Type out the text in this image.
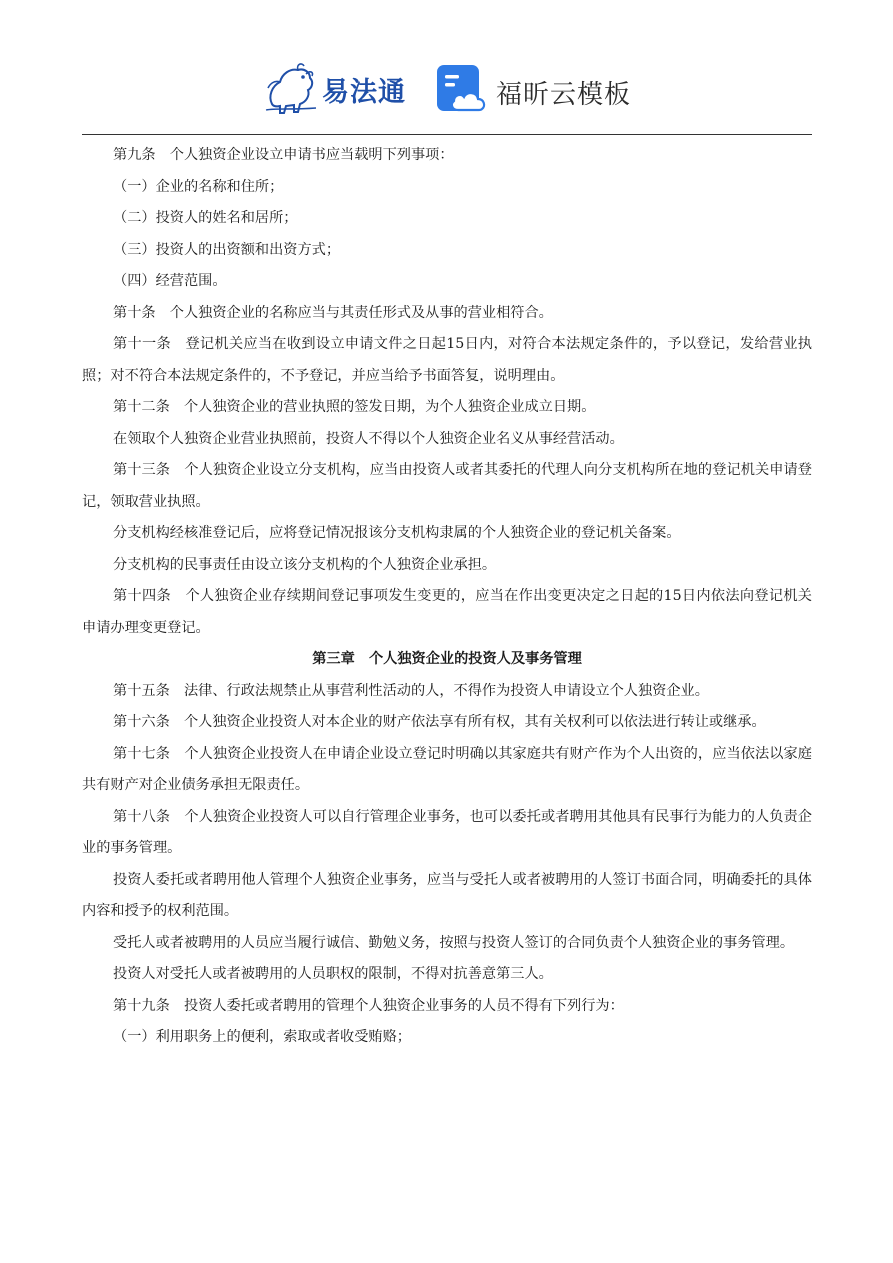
易法通	福昕云模板

第九条　个人独资企业设立申请书应当载明下列事项：

（一）企业的名称和住所；

（二）投资人的姓名和居所；

（三）投资人的出资额和出资方式；

（四）经营范围。

第十条　个人独资企业的名称应当与其责任形式及从事的营业相符合。

第十一条　登记机关应当在收到设立申请文件之日起15日内，对符合本法规定条件的，予以登记，发给营业执照；对不符合本法规定条件的，不予登记，并应当给予书面答复，说明理由。

第十二条　个人独资企业的营业执照的签发日期，为个人独资企业成立日期。

在领取个人独资企业营业执照前，投资人不得以个人独资企业名义从事经营活动。

第十三条　个人独资企业设立分支机构，应当由投资人或者其委托的代理人向分支机构所在地的登记机关申请登记，领取营业执照。

分支机构经核准登记后，应将登记情况报该分支机构隶属的个人独资企业的登记机关备案。

分支机构的民事责任由设立该分支机构的个人独资企业承担。

第十四条　个人独资企业存续期间登记事项发生变更的，应当在作出变更决定之日起的15日内依法向登记机关申请办理变更登记。

第三章　个人独资企业的投资人及事务管理

第十五条　法律、行政法规禁止从事营利性活动的人，不得作为投资人申请设立个人独资企业。

第十六条　个人独资企业投资人对本企业的财产依法享有所有权，其有关权利可以依法进行转让或继承。

第十七条　个人独资企业投资人在申请企业设立登记时明确以其家庭共有财产作为个人出资的，应当依法以家庭共有财产对企业债务承担无限责任。

第十八条　个人独资企业投资人可以自行管理企业事务，也可以委托或者聘用其他具有民事行为能力的人负责企业的事务管理。

投资人委托或者聘用他人管理个人独资企业事务，应当与受托人或者被聘用的人签订书面合同，明确委托的具体内容和授予的权利范围。

受托人或者被聘用的人员应当履行诚信、勤勉义务，按照与投资人签订的合同负责个人独资企业的事务管理。

投资人对受托人或者被聘用的人员职权的限制，不得对抗善意第三人。

第十九条　投资人委托或者聘用的管理个人独资企业事务的人员不得有下列行为：

（一）利用职务上的便利，索取或者收受贿赂；
